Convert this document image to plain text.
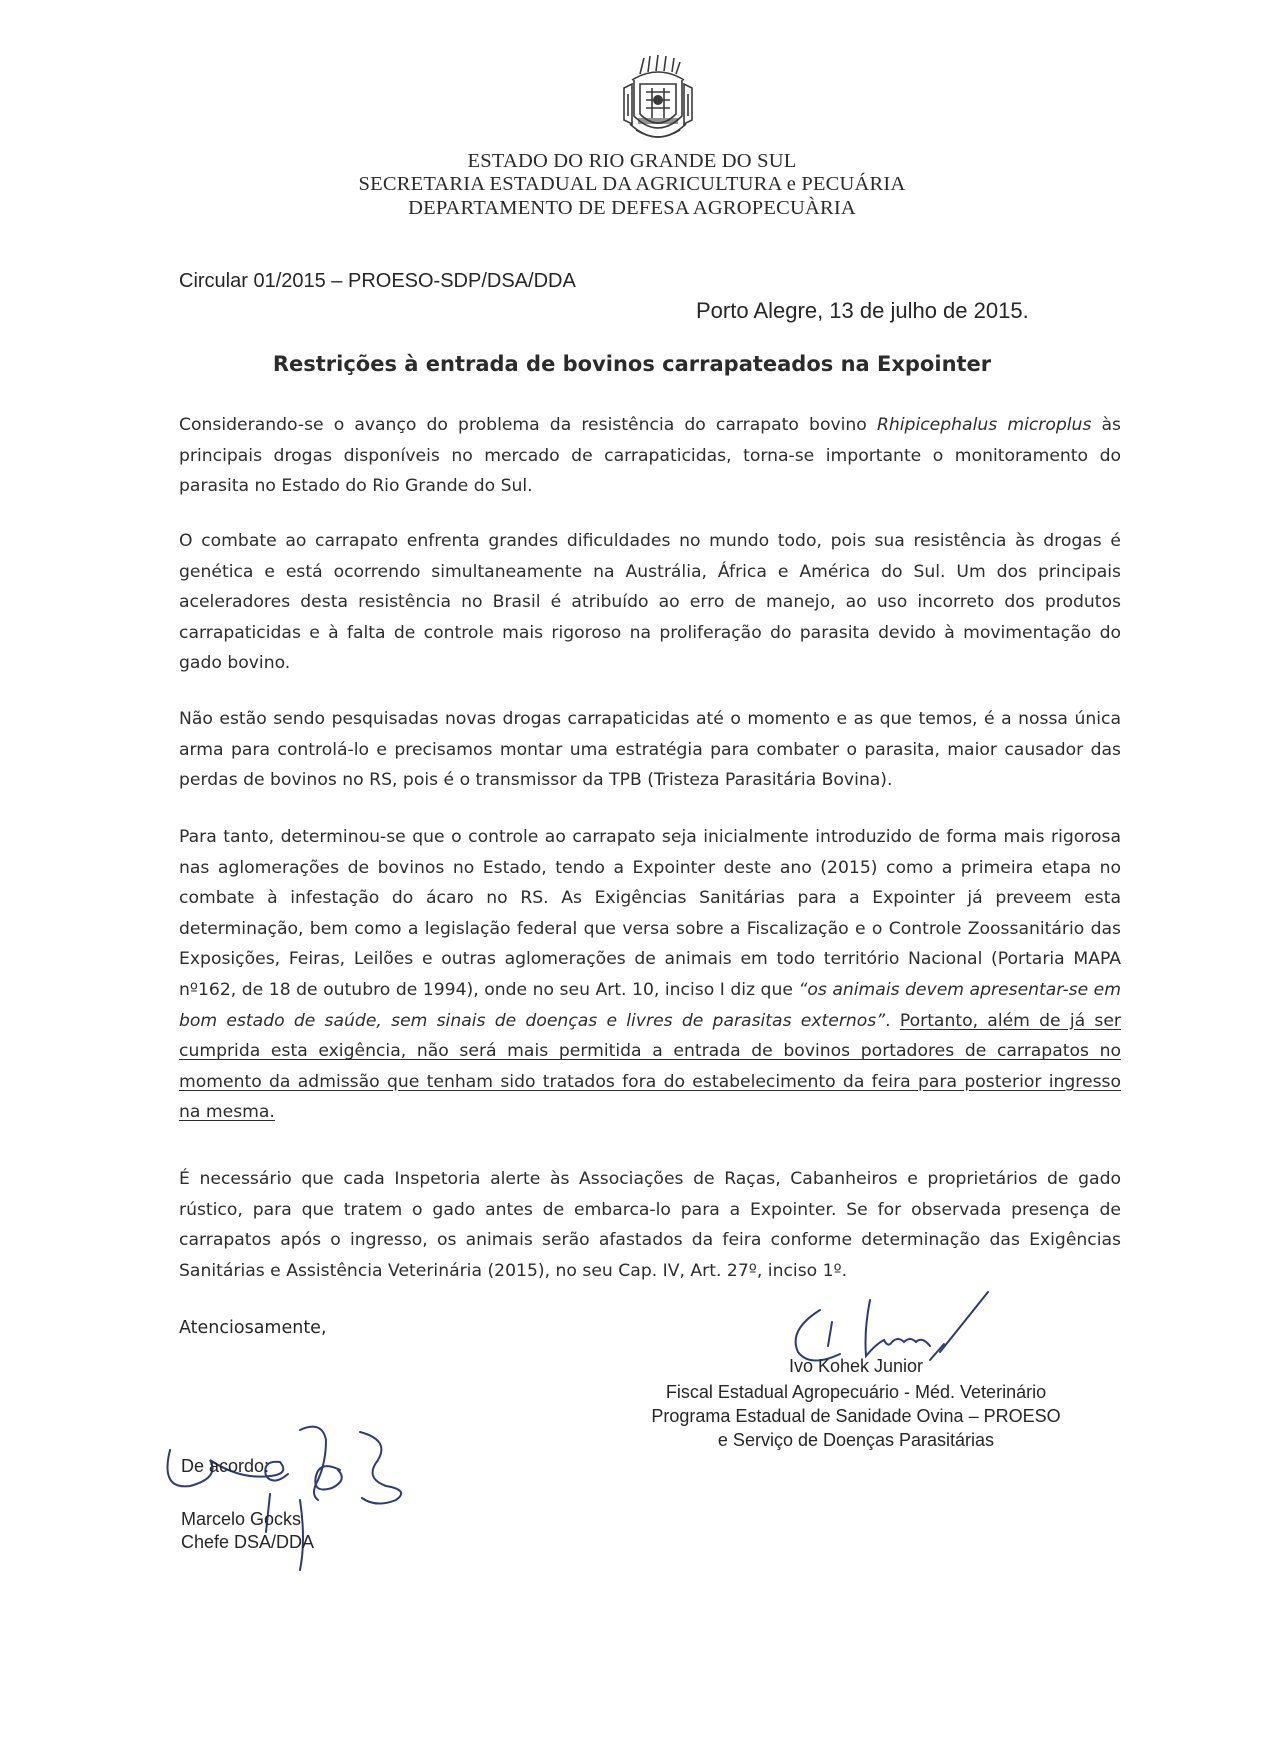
ESTADO DO RIO GRANDE DO SUL
SECRETARIA ESTADUAL DA AGRICULTURA e PECUÁRIA
DEPARTAMENTO DE DEFESA AGROPECUÀRIA
Circular 01/2015 – PROESO-SDP/DSA/DDA
Porto Alegre, 13 de julho de 2015.
Restrições à entrada de bovinos carrapateados na Expointer
Considerando-se o avanço do problema da resistência do carrapato bovino Rhipicephalus microplus às principais drogas disponíveis no mercado de carrapaticidas, torna-se importante o monitoramento do parasita no Estado do Rio Grande do Sul.
O combate ao carrapato enfrenta grandes dificuldades no mundo todo, pois sua resistência às drogas é genética e está ocorrendo simultaneamente na Austrália, África e América do Sul. Um dos principais aceleradores desta resistência no Brasil é atribuído ao erro de manejo, ao uso incorreto dos produtos carrapaticidas e à falta de controle mais rigoroso na proliferação do parasita devido à movimentação do gado bovino.
Não estão sendo pesquisadas novas drogas carrapaticidas até o momento e as que temos, é a nossa única arma para controlá-lo e precisamos montar uma estratégia para combater o parasita, maior causador das perdas de bovinos no RS, pois é o transmissor da TPB (Tristeza Parasitária Bovina).
Para tanto, determinou-se que o controle ao carrapato seja inicialmente introduzido de forma mais rigorosa nas aglomerações de bovinos no Estado, tendo a Expointer deste ano (2015) como a primeira etapa no combate à infestação do ácaro no RS. As Exigências Sanitárias para a Expointer já preveem esta determinação, bem como a legislação federal que versa sobre a Fiscalização e o Controle Zoossanitário das Exposições, Feiras, Leilões e outras aglomerações de animais em todo território Nacional (Portaria MAPA nº162, de 18 de outubro de 1994), onde no seu Art. 10, inciso I diz que “os animais devem apresentar-se em bom estado de saúde, sem sinais de doenças e livres de parasitas externos”. Portanto, além de já ser cumprida esta exigência, não será mais permitida a entrada de bovinos portadores de carrapatos no momento da admissão que tenham sido tratados fora do estabelecimento da feira para posterior ingresso na mesma.
É necessário que cada Inspetoria alerte às Associações de Raças, Cabanheiros e proprietários de gado rústico, para que tratem o gado antes de embarca-lo para a Expointer. Se for observada presença de carrapatos após o ingresso, os animais serão afastados da feira conforme determinação das Exigências Sanitárias e Assistência Veterinária (2015), no seu Cap. IV, Art. 27º, inciso 1º.
Atenciosamente,
Ivo Kohek Junior
Fiscal Estadual Agropecuário - Méd. Veterinário
Programa Estadual de Sanidade Ovina – PROESO
e Serviço de Doenças Parasitárias
De acordo:
Marcelo Gocks
Chefe DSA/DDA
